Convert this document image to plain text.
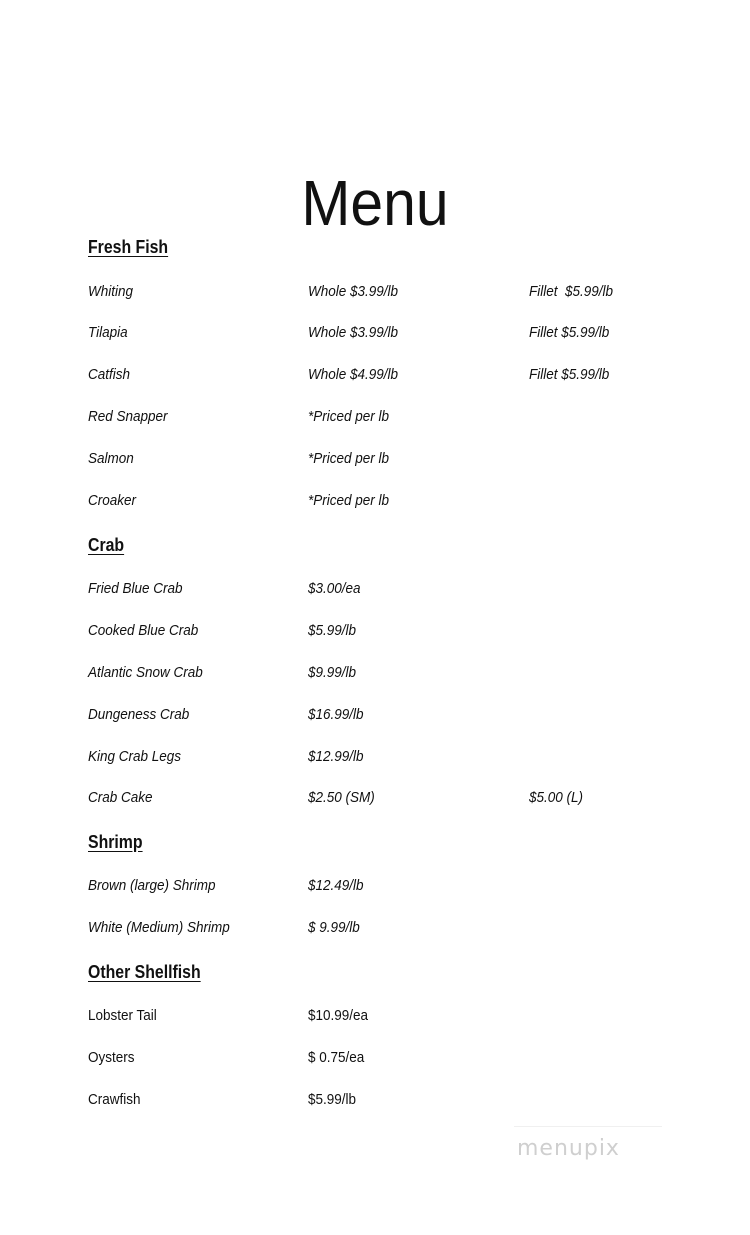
Menu
Fresh Fish
Whiting	Whole $3.99/lb	Fillet  $5.99/lb
Tilapia	Whole $3.99/lb	Fillet $5.99/lb
Catfish	Whole $4.99/lb	Fillet $5.99/lb
Red Snapper	*Priced per lb
Salmon	*Priced per lb
Croaker	*Priced per lb
Crab
Fried Blue Crab	$3.00/ea
Cooked Blue Crab	$5.99/lb
Atlantic Snow Crab	$9.99/lb
Dungeness Crab	$16.99/lb
King Crab Legs	$12.99/lb
Crab Cake	$2.50 (SM)	$5.00 (L)
Shrimp
Brown (large) Shrimp	$12.49/lb
White (Medium) Shrimp	$ 9.99/lb
Other Shellfish
Lobster Tail	$10.99/ea
Oysters	$ 0.75/ea
Crawfish	$5.99/lb
menupix
